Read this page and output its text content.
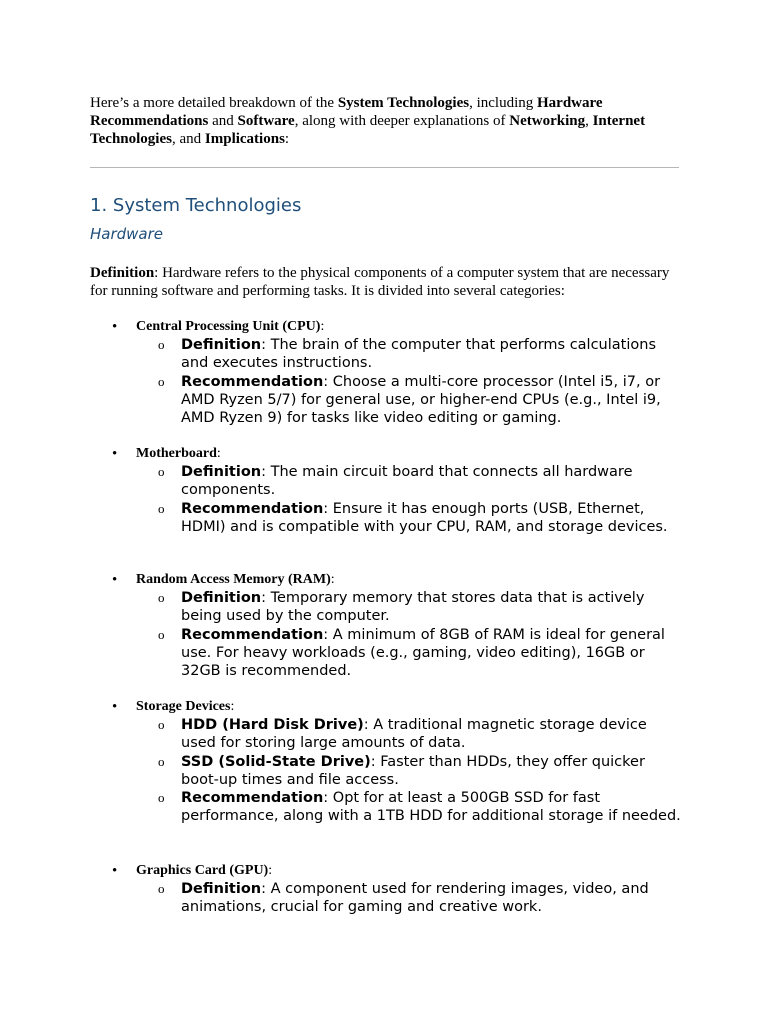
Here’s a more detailed breakdown of the System Technologies, including Hardware Recommendations and Software, along with deeper explanations of Networking, Internet Technologies, and Implications:
1. System Technologies
Hardware
Definition: Hardware refers to the physical components of a computer system that are necessary for running software and performing tasks. It is divided into several categories:
• Central Processing Unit (CPU):
o Definition: The brain of the computer that performs calculations and executes instructions.
o Recommendation: Choose a multi-core processor (Intel i5, i7, or AMD Ryzen 5/7) for general use, or higher-end CPUs (e.g., Intel i9, AMD Ryzen 9) for tasks like video editing or gaming.
• Motherboard:
o Definition: The main circuit board that connects all hardware components.
o Recommendation: Ensure it has enough ports (USB, Ethernet, HDMI) and is compatible with your CPU, RAM, and storage devices.
• Random Access Memory (RAM):
o Definition: Temporary memory that stores data that is actively being used by the computer.
o Recommendation: A minimum of 8GB of RAM is ideal for general use. For heavy workloads (e.g., gaming, video editing), 16GB or 32GB is recommended.
• Storage Devices:
o HDD (Hard Disk Drive): A traditional magnetic storage device used for storing large amounts of data.
o SSD (Solid-State Drive): Faster than HDDs, they offer quicker boot-up times and file access.
o Recommendation: Opt for at least a 500GB SSD for fast performance, along with a 1TB HDD for additional storage if needed.
• Graphics Card (GPU):
o Definition: A component used for rendering images, video, and animations, crucial for gaming and creative work.
